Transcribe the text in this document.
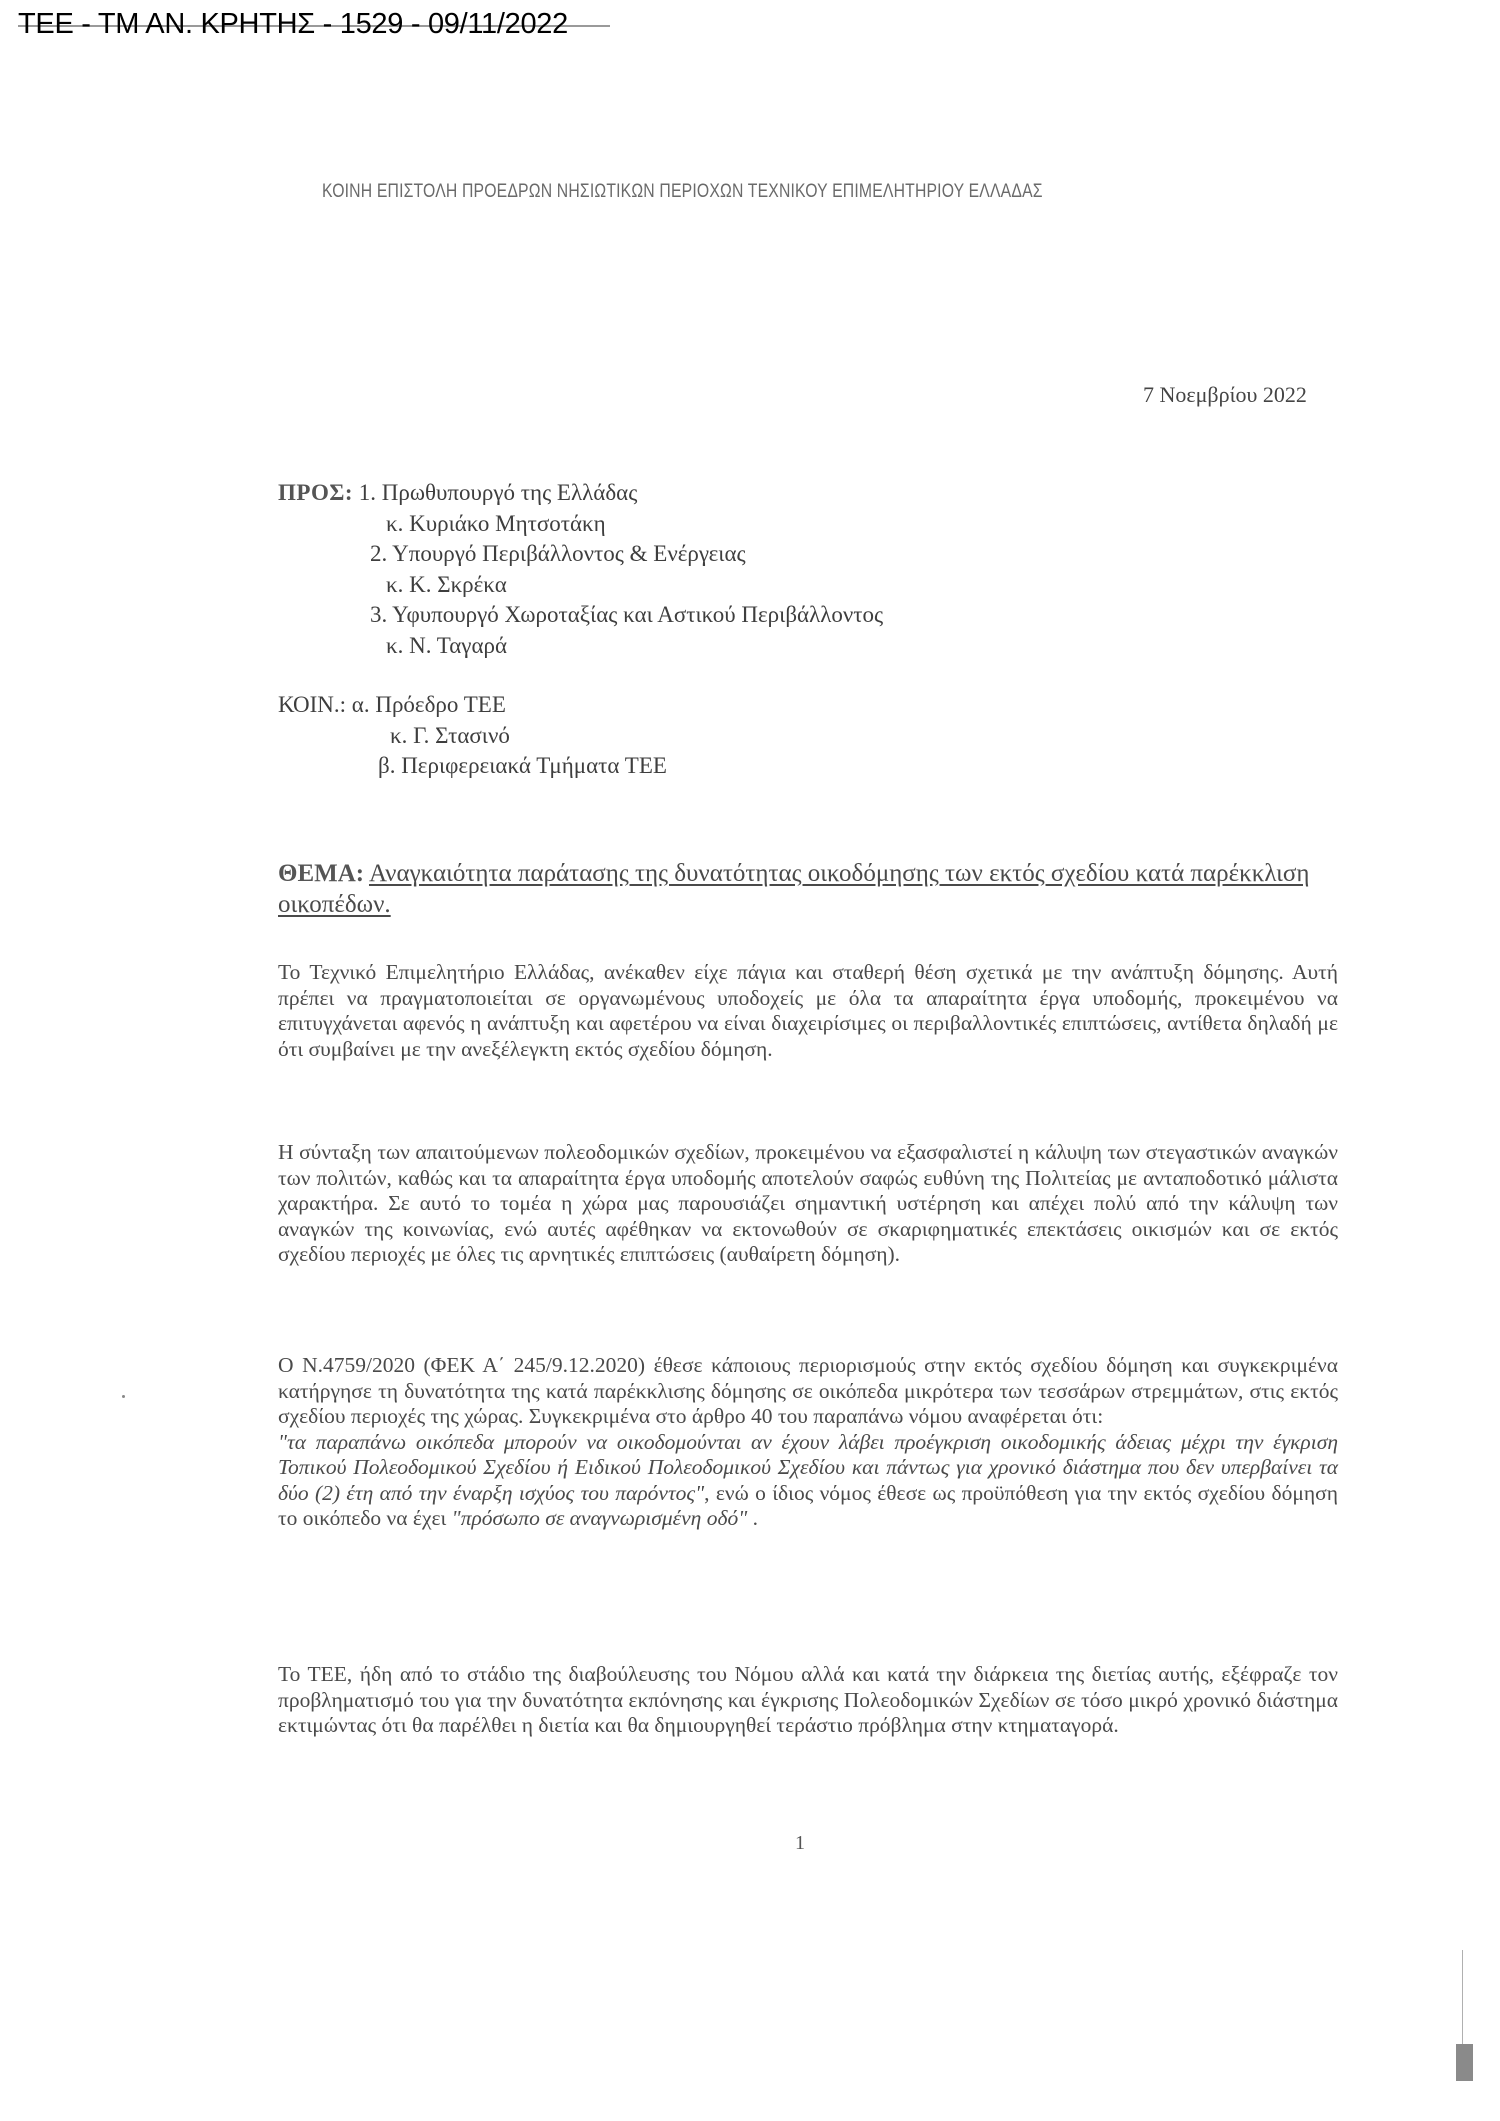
ΤΕΕ - ΤΜ ΑΝ. ΚΡΗΤΗΣ - 1529 - 09/11/2022
ΚΟΙΝΗ ΕΠΙΣΤΟΛΗ ΠΡΟΕΔΡΩΝ ΝΗΣΙΩΤΙΚΩΝ ΠΕΡΙΟΧΩΝ ΤΕΧΝΙΚΟΥ ΕΠΙΜΕΛΗΤΗΡΙΟΥ ΕΛΛΑΔΑΣ
7 Νοεμβρίου 2022
ΠΡΟΣ: 1. Πρωθυπουργό της Ελλάδας
κ. Κυριάκο Μητσοτάκη
2. Υπουργό Περιβάλλοντος & Ενέργειας
κ. Κ. Σκρέκα
3. Υφυπουργό Χωροταξίας και Αστικού Περιβάλλοντος
κ. Ν. Ταγαρά
ΚΟΙΝ.: α. Πρόεδρο ΤΕΕ
κ. Γ. Στασινό
β. Περιφερειακά Τμήματα ΤΕΕ
ΘΕΜΑ: Αναγκαιότητα παράτασης της δυνατότητας οικοδόμησης των εκτός σχεδίου κατά παρέκκλιση οικοπέδων.
Το Τεχνικό Επιμελητήριο Ελλάδας, ανέκαθεν είχε πάγια και σταθερή θέση σχετικά με την ανάπτυξη δόμησης. Αυτή πρέπει να πραγματοποιείται σε οργανωμένους υποδοχείς με όλα τα απαραίτητα έργα υποδομής, προκειμένου να επιτυγχάνεται αφενός η ανάπτυξη και αφετέρου να είναι διαχειρίσιμες οι περιβαλλοντικές επιπτώσεις, αντίθετα δηλαδή με ότι συμβαίνει με την ανεξέλεγκτη εκτός σχεδίου δόμηση.
Η σύνταξη των απαιτούμενων πολεοδομικών σχεδίων, προκειμένου να εξασφαλιστεί η κάλυψη των στεγαστικών αναγκών των πολιτών, καθώς και τα απαραίτητα έργα υποδομής αποτελούν σαφώς ευθύνη της Πολιτείας με ανταποδοτικό μάλιστα χαρακτήρα. Σε αυτό το τομέα η χώρα μας παρουσιάζει σημαντική υστέρηση και απέχει πολύ από την κάλυψη των αναγκών της κοινωνίας, ενώ αυτές αφέθηκαν να εκτονωθούν σε σκαριφηματικές επεκτάσεις οικισμών και σε εκτός σχεδίου περιοχές με όλες τις αρνητικές επιπτώσεις (αυθαίρετη δόμηση).
Ο Ν.4759/2020 (ΦΕΚ Α΄ 245/9.12.2020) έθεσε κάποιους περιορισμούς στην εκτός σχεδίου δόμηση και συγκεκριμένα κατήργησε τη δυνατότητα της κατά παρέκκλισης δόμησης σε οικόπεδα μικρότερα των τεσσάρων στρεμμάτων, στις εκτός σχεδίου περιοχές της χώρας. Συγκεκριμένα στο άρθρο 40 του παραπάνω νόμου αναφέρεται ότι:
"τα παραπάνω οικόπεδα μπορούν να οικοδομούνται αν έχουν λάβει προέγκριση οικοδομικής άδειας μέχρι την έγκριση Τοπικού Πολεοδομικού Σχεδίου ή Ειδικού Πολεοδομικού Σχεδίου και πάντως για χρονικό διάστημα που δεν υπερβαίνει τα δύο (2) έτη από την έναρξη ισχύος του παρόντος", ενώ ο ίδιος νόμος έθεσε ως προϋπόθεση για την εκτός σχεδίου δόμηση το οικόπεδο να έχει "πρόσωπο σε αναγνωρισμένη οδό" .
Το ΤΕΕ, ήδη από το στάδιο της διαβούλευσης του Νόμου αλλά και κατά την διάρκεια της διετίας αυτής, εξέφραζε τον προβληματισμό του για την δυνατότητα εκπόνησης και έγκρισης Πολεοδομικών Σχεδίων σε τόσο μικρό χρονικό διάστημα εκτιμώντας ότι θα παρέλθει η διετία και θα δημιουργηθεί τεράστιο πρόβλημα στην κτηματαγορά.
1
